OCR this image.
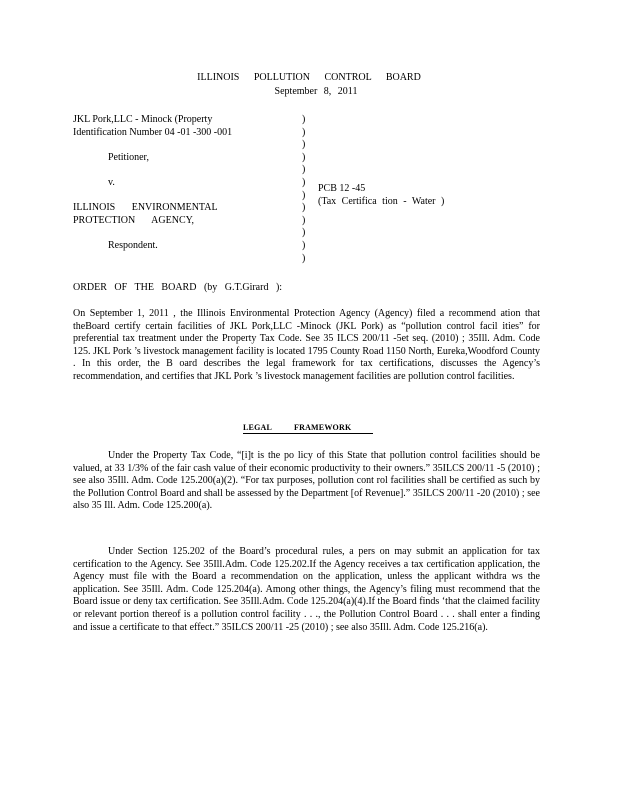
ILLINOIS POLLUTION CONTROL BOARD
September 8, 2011
JKL Pork,LLC - Minock (Property
Identification Number 04 -01 -300 -001
Petitioner,
v.
ILLINOIS ENVIRONMENTAL
PROTECTION AGENCY,
Respondent.
)
)
)
)
)
)
)
)
)
)
)
)
PCB 12 -45
(Tax Certifica tion - Water )
ORDER OF THE BOARD (by G.T.Girard ):

On September 1, 2011 , the Illinois Environmental Protection Agency (Agency) filed a recommend ation that theBoard certify certain facilities of JKL Pork,LLC -Minock (JKL Pork) as “pollution control facil ities” for preferential tax treatment under the Property Tax Code. See 35 ILCS 200/11 -5et seq. (2010) ; 35Ill. Adm. Code 125. JKL Pork ’s livestock management facility is located 1795 County Road 1150 North, Eureka,Woodford County . In this order, the B oard describes the legal framework for tax certifications, discusses the Agency’s recommendation, and certifies that JKL Pork ’s livestock management facilities are pollution control facilities.

LEGAL	FRAMEWORK

Under the Property Tax Code, “[i]t is the po licy of this State that pollution control facilities should be valued, at 33 1/3% of the fair cash value of their economic productivity to their owners.” 35ILCS 200/11 -5 (2010) ; see also 35Ill. Adm. Code 125.200(a)(2). “For tax purposes, pollution cont rol facilities shall be certified as such by the Pollution Control Board and shall be assessed by the Department [of Revenue].” 35ILCS 200/11 -20 (2010) ; see also 35 Ill. Adm. Code 125.200(a).

Under Section 125.202 of the Board’s procedural rules, a pers on may submit an application for tax certification to the Agency. See 35Ill.Adm. Code 125.202.If the Agency receives a tax certification application, the Agency must file with the Board a recommendation on the application, unless the applicant withdra ws the application. See 35Ill. Adm. Code 125.204(a). Among other things, the Agency’s filing must recommend that the Board issue or deny tax certification. See 35Ill.Adm. Code 125.204(a)(4).If the Board finds ‘that the claimed facility or relevant portion thereof is a pollution control facility . . ., the Pollution Control Board . . . shall enter a finding and issue a certificate to that effect.” 35ILCS 200/11 -25 (2010) ; see also 35Ill. Adm. Code 125.216(a).
